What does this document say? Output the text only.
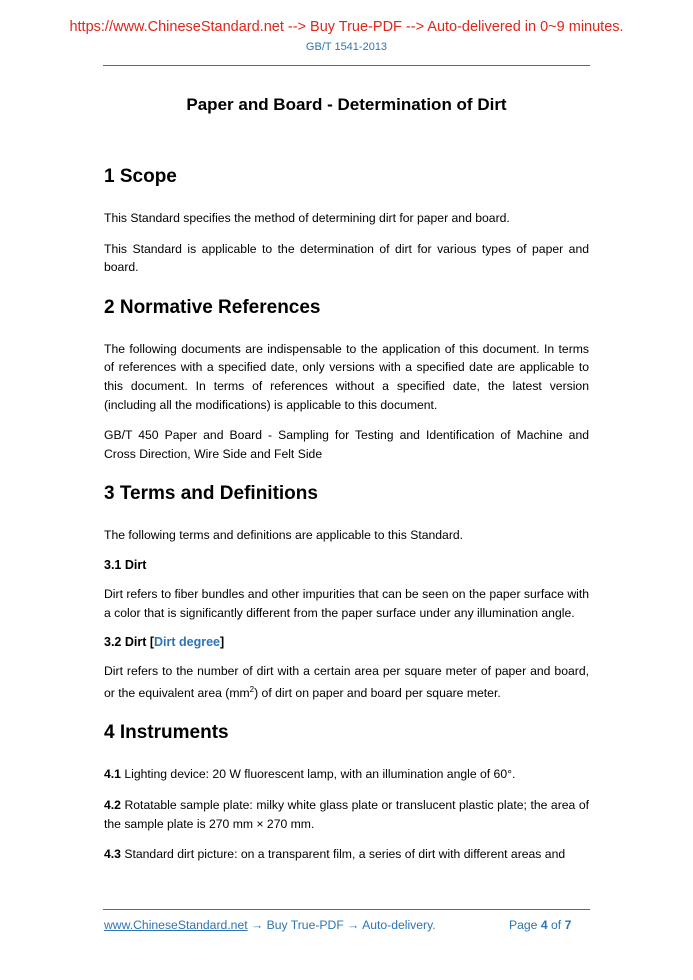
https://www.ChineseStandard.net --> Buy True-PDF --> Auto-delivered in 0~9 minutes.
GB/T 1541-2013
Paper and Board - Determination of Dirt
1 Scope

This Standard specifies the method of determining dirt for paper and board.

This Standard is applicable to the determination of dirt for various types of paper and board.

2 Normative References

The following documents are indispensable to the application of this document. In terms of references with a specified date, only versions with a specified date are applicable to this document. In terms of references without a specified date, the latest version (including all the modifications) is applicable to this document.

GB/T 450 Paper and Board - Sampling for Testing and Identification of Machine and Cross Direction, Wire Side and Felt Side

3 Terms and Definitions

The following terms and definitions are applicable to this Standard.

3.1 Dirt

Dirt refers to fiber bundles and other impurities that can be seen on the paper surface with a color that is significantly different from the paper surface under any illumination angle.

3.2 Dirt [Dirt degree]

Dirt refers to the number of dirt with a certain area per square meter of paper and board, or the equivalent area $(mm^2)$ of dirt on paper and board per square meter.

4 Instruments

4.1 Lighting device: 20 W fluorescent lamp, with an illumination angle of 60°.

4.2 Rotatable sample plate: milky white glass plate or translucent plastic plate; the area of the sample plate is 270 mm × 270 mm.

4.3 Standard dirt picture: on a transparent film, a series of dirt with different areas and

www.ChineseStandard.net → Buy True-PDF → Auto-delivery.	Page 4 of 7
